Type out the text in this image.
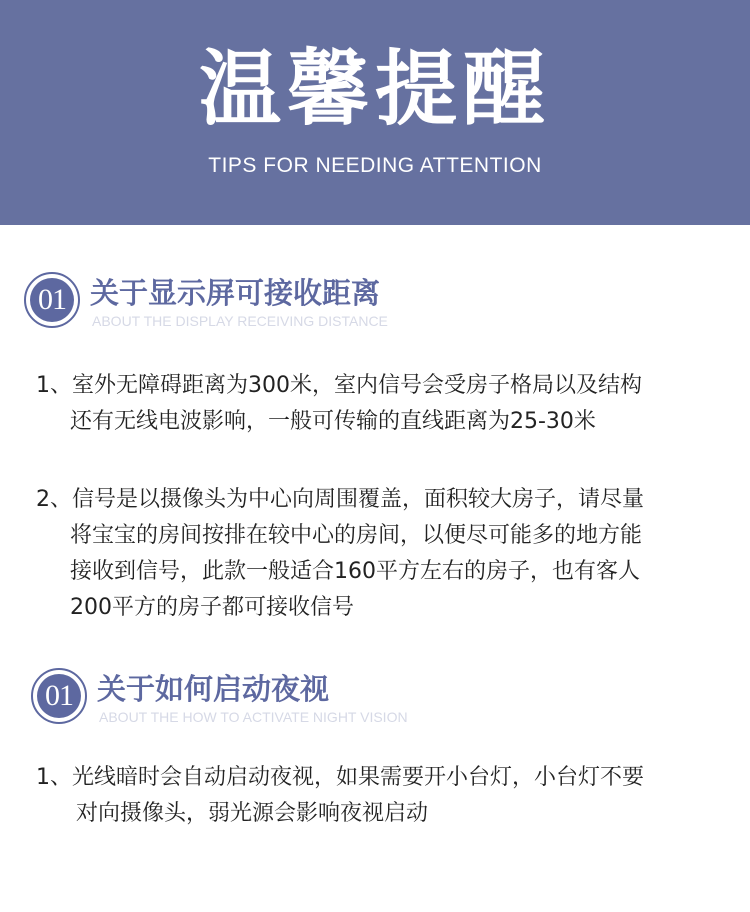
温馨提醒
TIPS FOR NEEDING ATTENTION
01 关于显示屏可接收距离
ABOUT THE DISPLAY RECEIVING DISTANCE
1、室外无障碍距离为300米，室内信号会受房子格局以及结构
还有无线电波影响，一般可传输的直线距离为25-30米
2、信号是以摄像头为中心向周围覆盖，面积较大房子，请尽量
将宝宝的房间按排在较中心的房间，以便尽可能多的地方能
接收到信号，此款一般适合160平方左右的房子，也有客人
200平方的房子都可接收信号
01 关于如何启动夜视
ABOUT THE HOW TO ACTIVATE NIGHT VISION
1、光线暗时会自动启动夜视，如果需要开小台灯，小台灯不要
对向摄像头，弱光源会影响夜视启动
